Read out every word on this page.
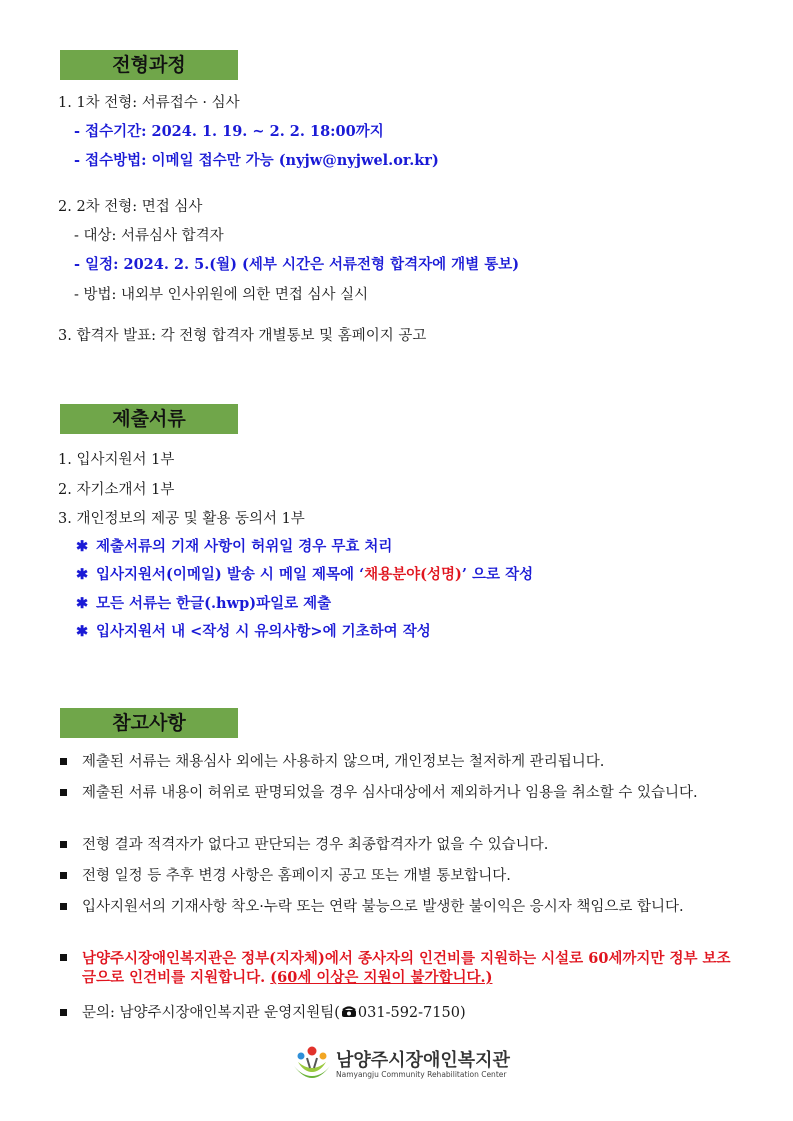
전형과정
1. 1차 전형: 서류접수 · 심사
- 접수기간: 2024. 1. 19. ~ 2. 2. 18:00까지
- 접수방법: 이메일 접수만 가능 (nyjw@nyjwel.or.kr)
2. 2차 전형: 면접 심사
- 대상: 서류심사 합격자
- 일정: 2024. 2. 5.(월) (세부 시간은 서류전형 합격자에 개별 통보)
- 방법: 내외부 인사위원에 의한 면접 심사 실시
3. 합격자 발표: 각 전형 합격자 개별통보 및 홈페이지 공고
제출서류
1. 입사지원서 1부
2. 자기소개서 1부
3. 개인정보의 제공 및 활용 동의서 1부
✱ 제출서류의 기재 사항이 허위일 경우 무효 처리
✱ 입사지원서(이메일) 발송 시 메일 제목에 ‘채용분야(성명)’ 으로 작성
✱ 모든 서류는 한글(.hwp)파일로 제출
✱ 입사지원서 내 <작성 시 유의사항>에 기초하여 작성
참고사항
제출된 서류는 채용심사 외에는 사용하지 않으며, 개인정보는 철저하게 관리됩니다.
제출된 서류 내용이 허위로 판명되었을 경우 심사대상에서 제외하거나 임용을 취소할 수 있습니다.
전형 결과 적격자가 없다고 판단되는 경우 최종합격자가 없을 수 있습니다.
전형 일정 등 추후 변경 사항은 홈페이지 공고 또는 개별 통보합니다.
입사지원서의 기재사항 착오·누락 또는 연락 불능으로 발생한 불이익은 응시자 책임으로 합니다.
남양주시장애인복지관은 정부(지자체)에서 종사자의 인건비를 지원하는 시설로 60세까지만 정부 보조금으로 인건비를 지원합니다. (60세 이상은 지원이 불가합니다.)
문의: 남양주시장애인복지관 운영지원팀( 031-592-7150)
남양주시장애인복지관
Namyangju Community Rehabilitation Center
